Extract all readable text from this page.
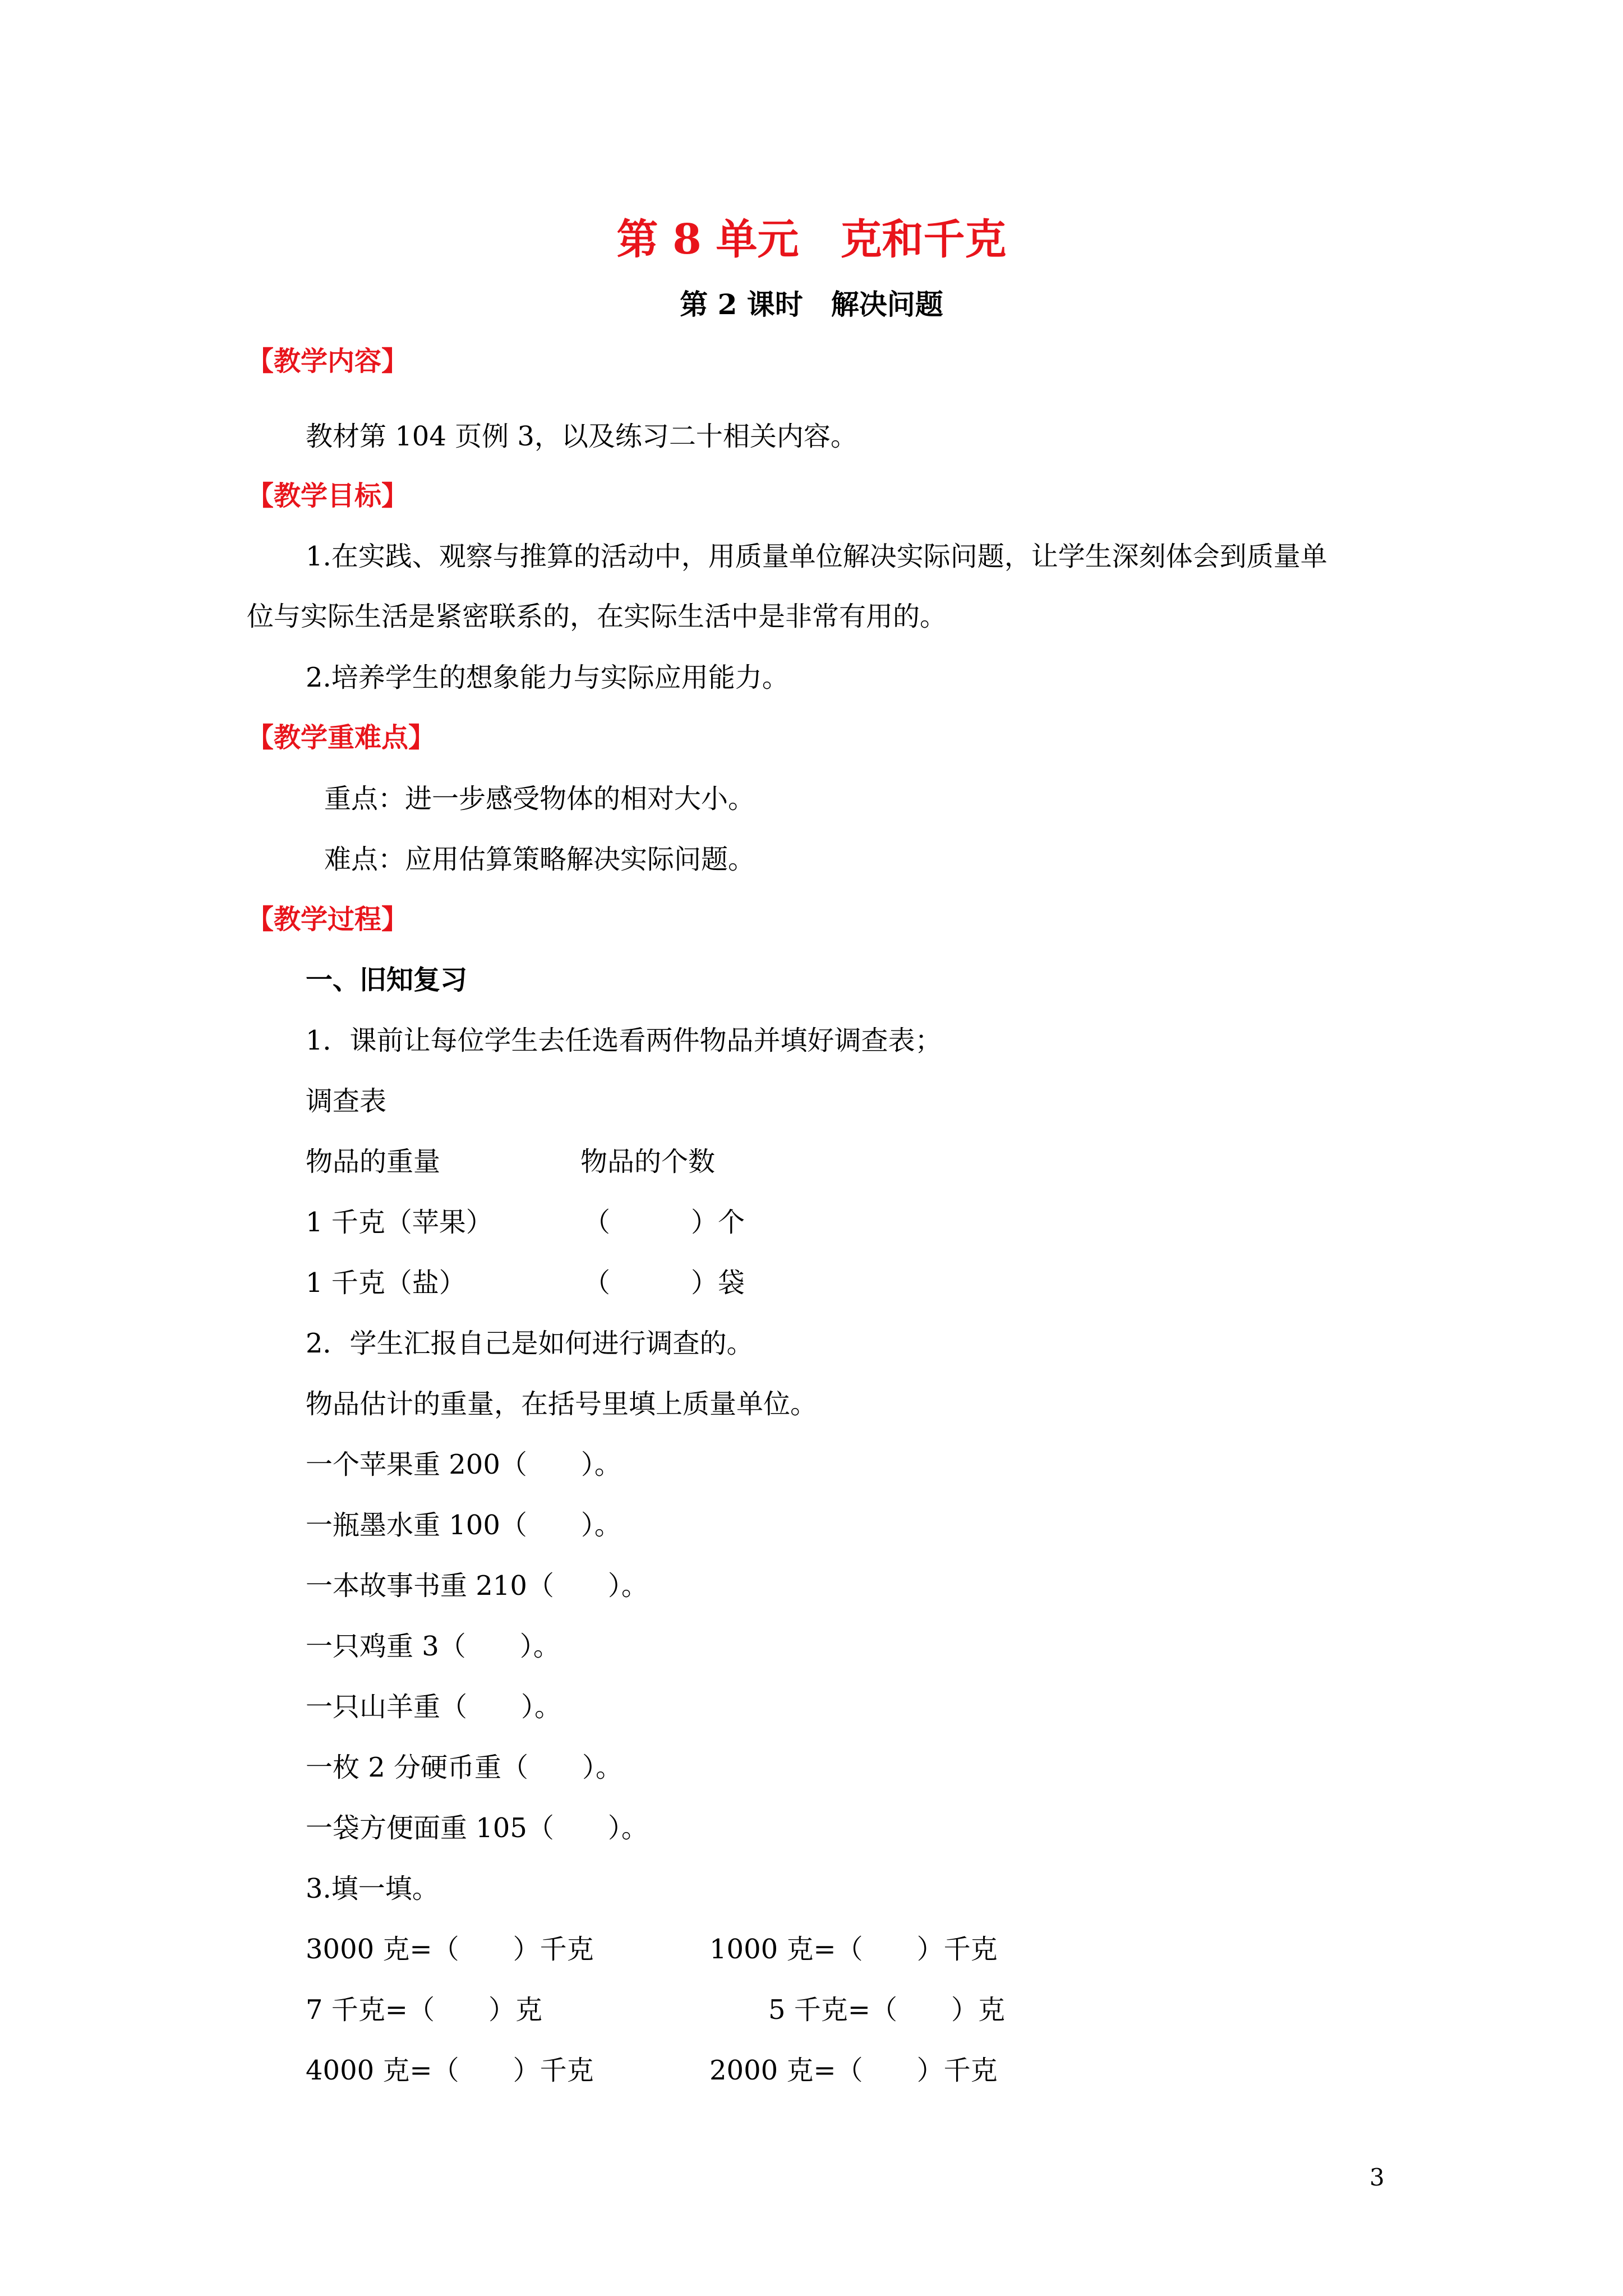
第 8 单元　克和千克
第 2 课时　解决问题
【教学内容】
教材第 104 页例 3，以及练习二十相关内容。
【教学目标】
1.在实践、观察与推算的活动中，用质量单位解决实际问题，让学生深刻体会到质量单
位与实际生活是紧密联系的，在实际生活中是非常有用的。
2.培养学生的想象能力与实际应用能力。
【教学重难点】
重点：进一步感受物体的相对大小。
难点：应用估算策略解决实际问题。
【教学过程】
一、旧知复习
1．课前让每位学生去任选看两件物品并填好调查表；
调查表
物品的重量	物品的个数
1 千克（苹果）	（　　　）个
1 千克（盐）	（　　　）袋
2．学生汇报自己是如何进行调查的。
物品估计的重量，在括号里填上质量单位。
一个苹果重 200（　　）。
一瓶墨水重 100（　　）。
一本故事书重 210（　　）。
一只鸡重 3（　　）。
一只山羊重（　　）。
一枚 2 分硬币重（　　）。
一袋方便面重 105（　　）。
3.填一填。
3000 克=（　　）千克	1000 克=（　　）千克
7 千克=（　　）克	5 千克=（　　）克
4000 克=（　　）千克	2000 克=（　　）千克
3
